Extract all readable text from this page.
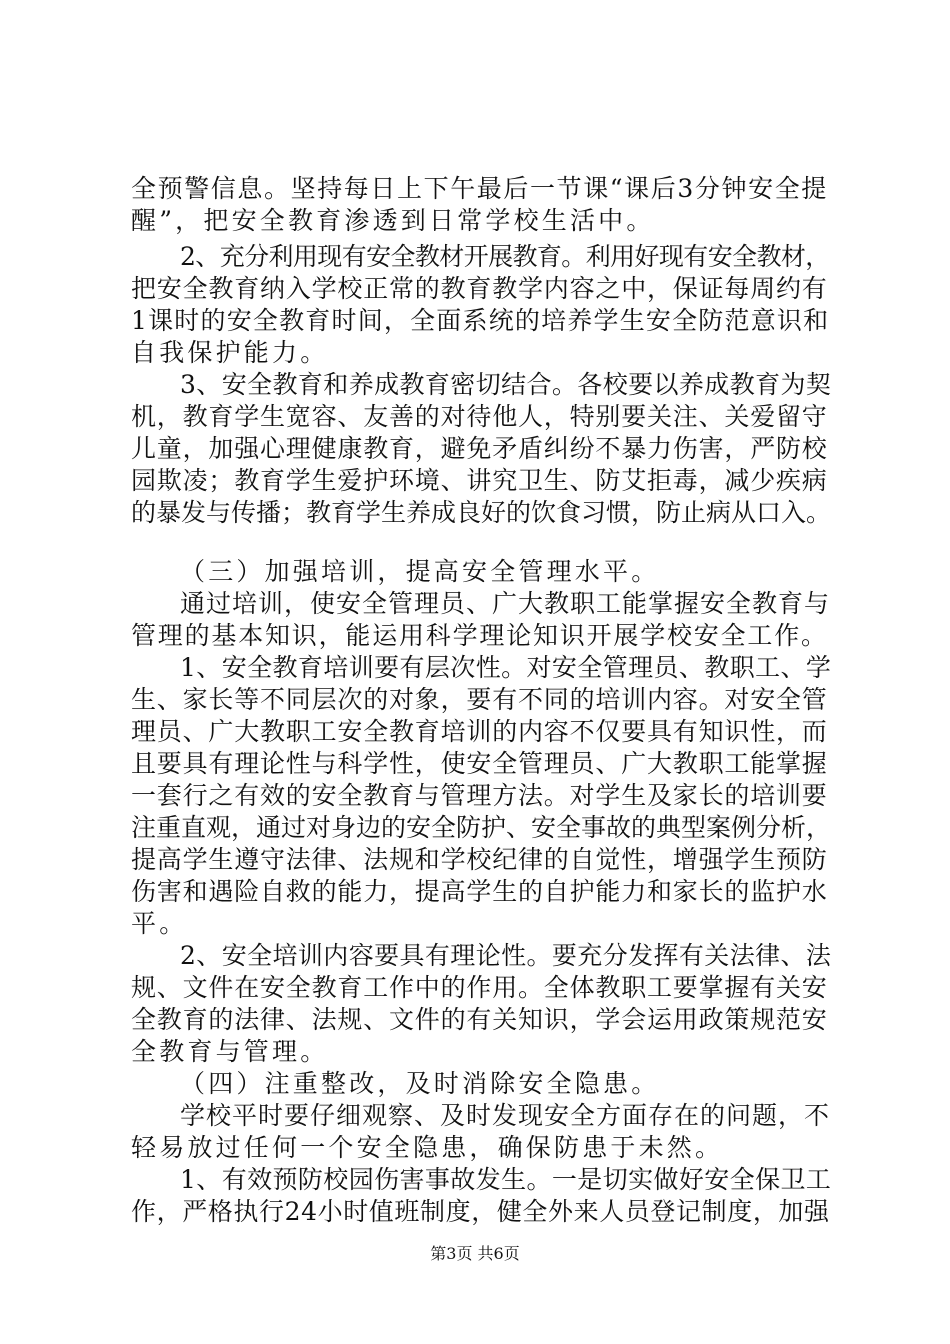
全预警信息。坚持每日上下午最后一节课“课后3分钟安全提
醒”，把安全教育渗透到日常学校生活中。
2、充分利用现有安全教材开展教育。利用好现有安全教材，
把安全教育纳入学校正常的教育教学内容之中，保证每周约有
1课时的安全教育时间，全面系统的培养学生安全防范意识和
自我保护能力。
3、安全教育和养成教育密切结合。各校要以养成教育为契
机，教育学生宽容、友善的对待他人，特别要关注、关爱留守
儿童，加强心理健康教育，避免矛盾纠纷不暴力伤害，严防校
园欺凌；教育学生爱护环境、讲究卫生、防艾拒毒，减少疾病
的暴发与传播；教育学生养成良好的饮食习惯，防止病从口入。
（三）加强培训，提高安全管理水平。
通过培训，使安全管理员、广大教职工能掌握安全教育与
管理的基本知识，能运用科学理论知识开展学校安全工作。
1、安全教育培训要有层次性。对安全管理员、教职工、学
生、家长等不同层次的对象，要有不同的培训内容。对安全管
理员、广大教职工安全教育培训的内容不仅要具有知识性，而
且要具有理论性与科学性，使安全管理员、广大教职工能掌握
一套行之有效的安全教育与管理方法。对学生及家长的培训要
注重直观，通过对身边的安全防护、安全事故的典型案例分析，
提高学生遵守法律、法规和学校纪律的自觉性，增强学生预防
伤害和遇险自救的能力，提高学生的自护能力和家长的监护水
平。
2、安全培训内容要具有理论性。要充分发挥有关法律、法
规、文件在安全教育工作中的作用。全体教职工要掌握有关安
全教育的法律、法规、文件的有关知识，学会运用政策规范安
全教育与管理。
（四）注重整改，及时消除安全隐患。
学校平时要仔细观察、及时发现安全方面存在的问题，不
轻易放过任何一个安全隐患，确保防患于未然。
1、有效预防校园伤害事故发生。一是切实做好安全保卫工
作，严格执行24小时值班制度，健全外来人员登记制度，加强
第3页 共6页
